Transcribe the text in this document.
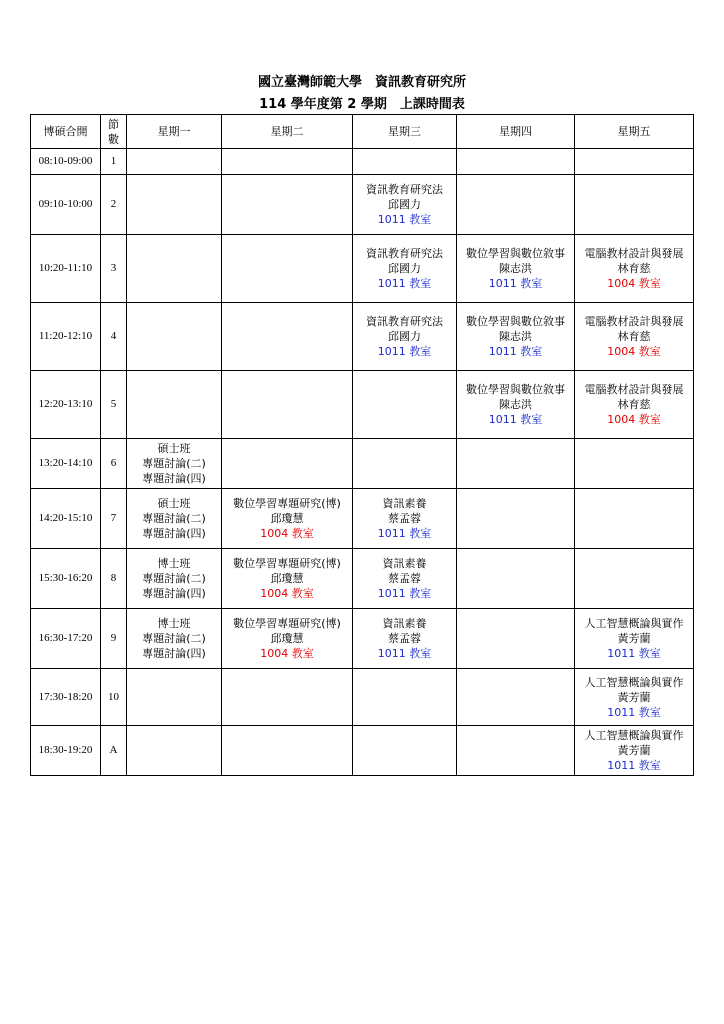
國立臺灣師範大學　資訊教育研究所
114 學年度第 2 學期　上課時間表
博碩合開	節
數	星期一	星期二	星期三	星期四	星期五
08:10-09:00	1					
09:10-10:00	2			資訊教育研究法
邱國力
1011 教室		

10:20-11:10	3			資訊教育研究法
邱國力
1011 教室	數位學習與數位敘事
陳志洪
1011 教室	電腦教材設計與發展
林育慈
1004 教室

11:20-12:10	4			資訊教育研究法
邱國力
1011 教室	數位學習與數位敘事
陳志洪
1011 教室	電腦教材設計與發展
林育慈
1004 教室

12:20-13:10	5				數位學習與數位敘事
陳志洪
1011 教室	電腦教材設計與發展
林育慈
1004 教室

13:20-14:10	6	碩士班
專題討論(二)
專題討論(四)				

14:20-15:10	7	碩士班
專題討論(二)
專題討論(四)	數位學習專題研究(博)
邱瓊慧
1004 教室	資訊素養
蔡孟蓉
1011 教室		

15:30-16:20	8	博士班
專題討論(二)
專題討論(四)	數位學習專題研究(博)
邱瓊慧
1004 教室	資訊素養
蔡孟蓉
1011 教室		

16:30-17:20	9	博士班
專題討論(二)
專題討論(四)	數位學習專題研究(博)
邱瓊慧
1004 教室	資訊素養
蔡孟蓉
1011 教室		人工智慧概論與實作
黃芳蘭
1011 教室

17:30-18:20	10					人工智慧概論與實作
黃芳蘭
1011 教室

18:30-19:20	A					人工智慧概論與實作
黃芳蘭
1011 教室
